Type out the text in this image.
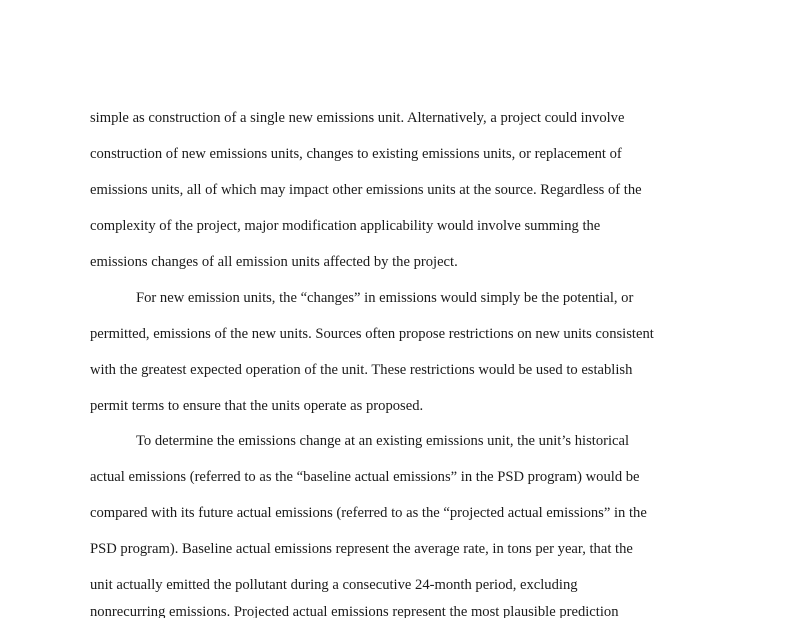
simple as construction of a single new emissions unit. Alternatively, a project could involve

construction of new emissions units, changes to existing emissions units, or replacement of

emissions units, all of which may impact other emissions units at the source. Regardless of the

complexity of the project, major modification applicability would involve summing the

emissions changes of all emission units affected by the project.

For new emission units, the “changes” in emissions would simply be the potential, or

permitted, emissions of the new units. Sources often propose restrictions on new units consistent

with the greatest expected operation of the unit. These restrictions would be used to establish

permit terms to ensure that the units operate as proposed.

To determine the emissions change at an existing emissions unit, the unit’s historical

actual emissions (referred to as the “baseline actual emissions” in the PSD program) would be

compared with its future actual emissions (referred to as the “projected actual emissions” in the

PSD program). Baseline actual emissions represent the average rate, in tons per year, that the

unit actually emitted the pollutant during a consecutive 24-month period, excluding

nonrecurring emissions. Projected actual emissions represent the most plausible prediction
